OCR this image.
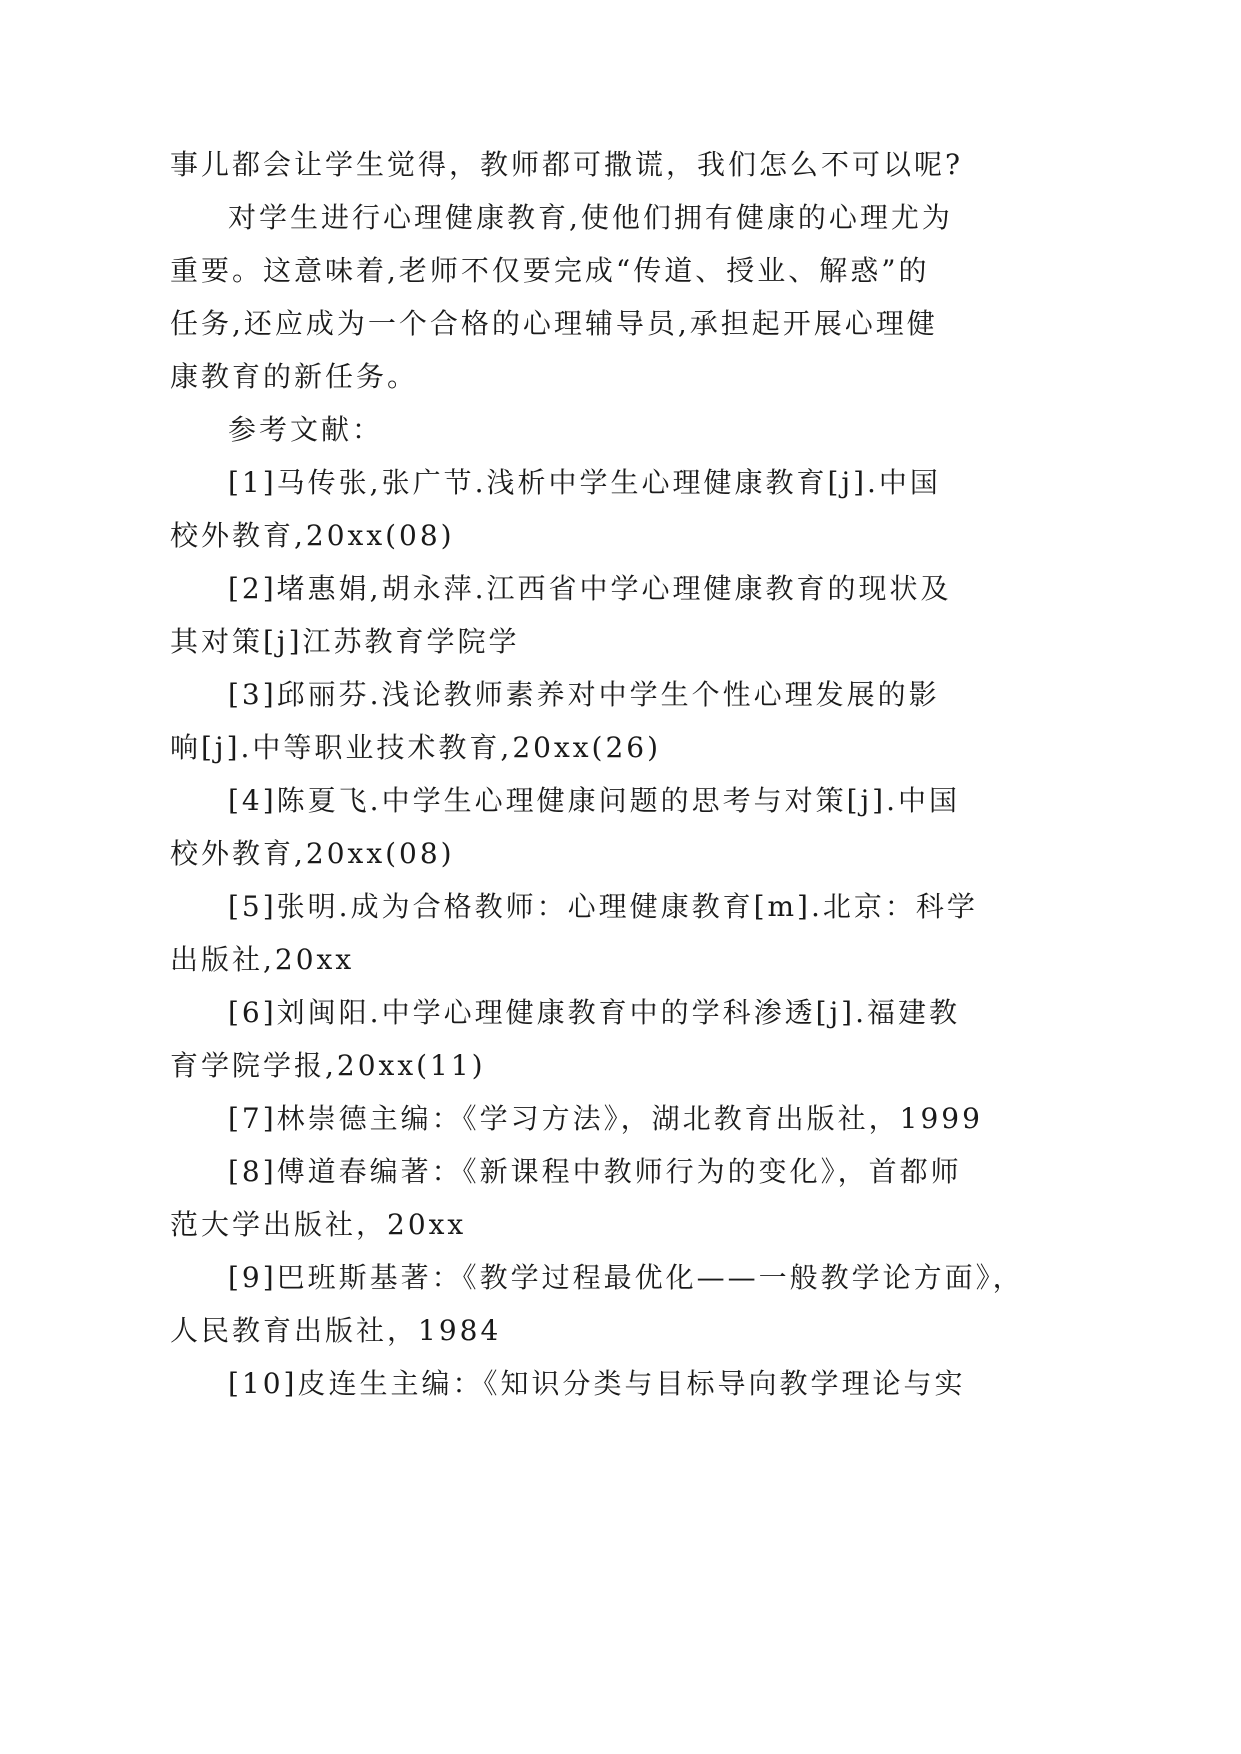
事儿都会让学生觉得，教师都可撒谎，我们怎么不可以呢?
对学生进行心理健康教育,使他们拥有健康的心理尤为
重要。这意味着,老师不仅要完成“传道、授业、解惑”的
任务,还应成为一个合格的心理辅导员,承担起开展心理健
康教育的新任务。
参考文献：
[1]马传张,张广节.浅析中学生心理健康教育[j].中国
校外教育,20xx(08)
[2]堵惠娟,胡永萍.江西省中学心理健康教育的现状及
其对策[j]江苏教育学院学
[3]邱丽芬.浅论教师素养对中学生个性心理发展的影
响[j].中等职业技术教育,20xx(26)
[4]陈夏飞.中学生心理健康问题的思考与对策[j].中国
校外教育,20xx(08)
[5]张明.成为合格教师：心理健康教育[m].北京：科学
出版社,20xx
[6]刘闽阳.中学心理健康教育中的学科渗透[j].福建教
育学院学报,20xx(11)
[7]林崇德主编：《学习方法》，湖北教育出版社，1999
[8]傅道春编著：《新课程中教师行为的变化》，首都师
范大学出版社，20xx
[9]巴班斯基著：《教学过程最优化——一般教学论方面》，
人民教育出版社，1984
[10]皮连生主编：《知识分类与目标导向教学理论与实
